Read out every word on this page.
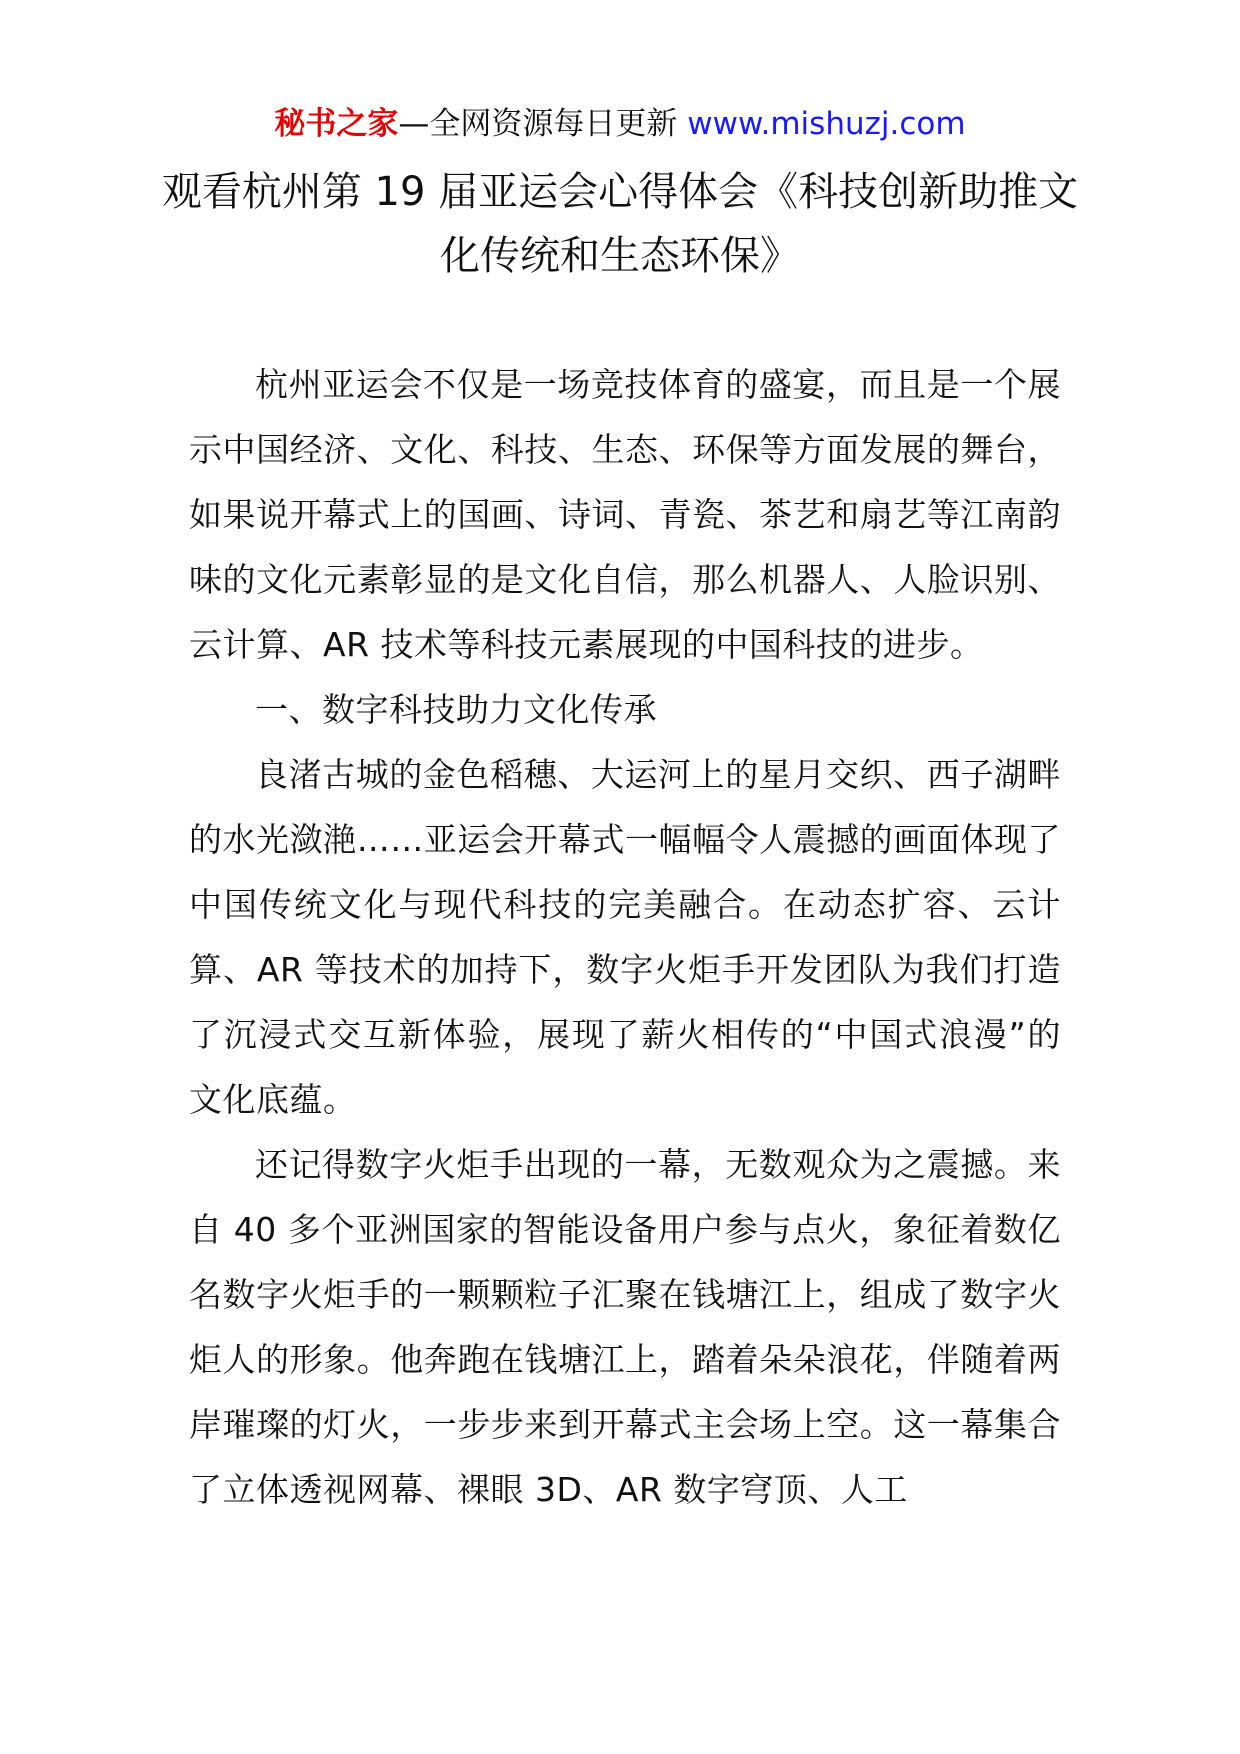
秘书之家—全网资源每日更新 www.mishuzj.com
观看杭州第 19 届亚运会心得体会《科技创新助推文化传统和生态环保》

杭州亚运会不仅是一场竞技体育的盛宴，而且是一个展示中国经济、文化、科技、生态、环保等方面发展的舞台，如果说开幕式上的国画、诗词、青瓷、茶艺和扇艺等江南韵味的文化元素彰显的是文化自信，那么机器人、人脸识别、云计算、AR 技术等科技元素展现的中国科技的进步。

一、数字科技助力文化传承

良渚古城的金色稻穗、大运河上的星月交织、西子湖畔的水光潋滟……亚运会开幕式一幅幅令人震撼的画面体现了中国传统文化与现代科技的完美融合。在动态扩容、云计算、AR 等技术的加持下，数字火炬手开发团队为我们打造了沉浸式交互新体验，展现了薪火相传的“中国式浪漫”的文化底蕴。

还记得数字火炬手出现的一幕，无数观众为之震撼。来自 40 多个亚洲国家的智能设备用户参与点火，象征着数亿名数字火炬手的一颗颗粒子汇聚在钱塘江上，组成了数字火炬人的形象。他奔跑在钱塘江上，踏着朵朵浪花，伴随着两岸璀璨的灯火，一步步来到开幕式主会场上空。这一幕集合了立体透视网幕、裸眼 3D、AR 数字穹顶、人工
